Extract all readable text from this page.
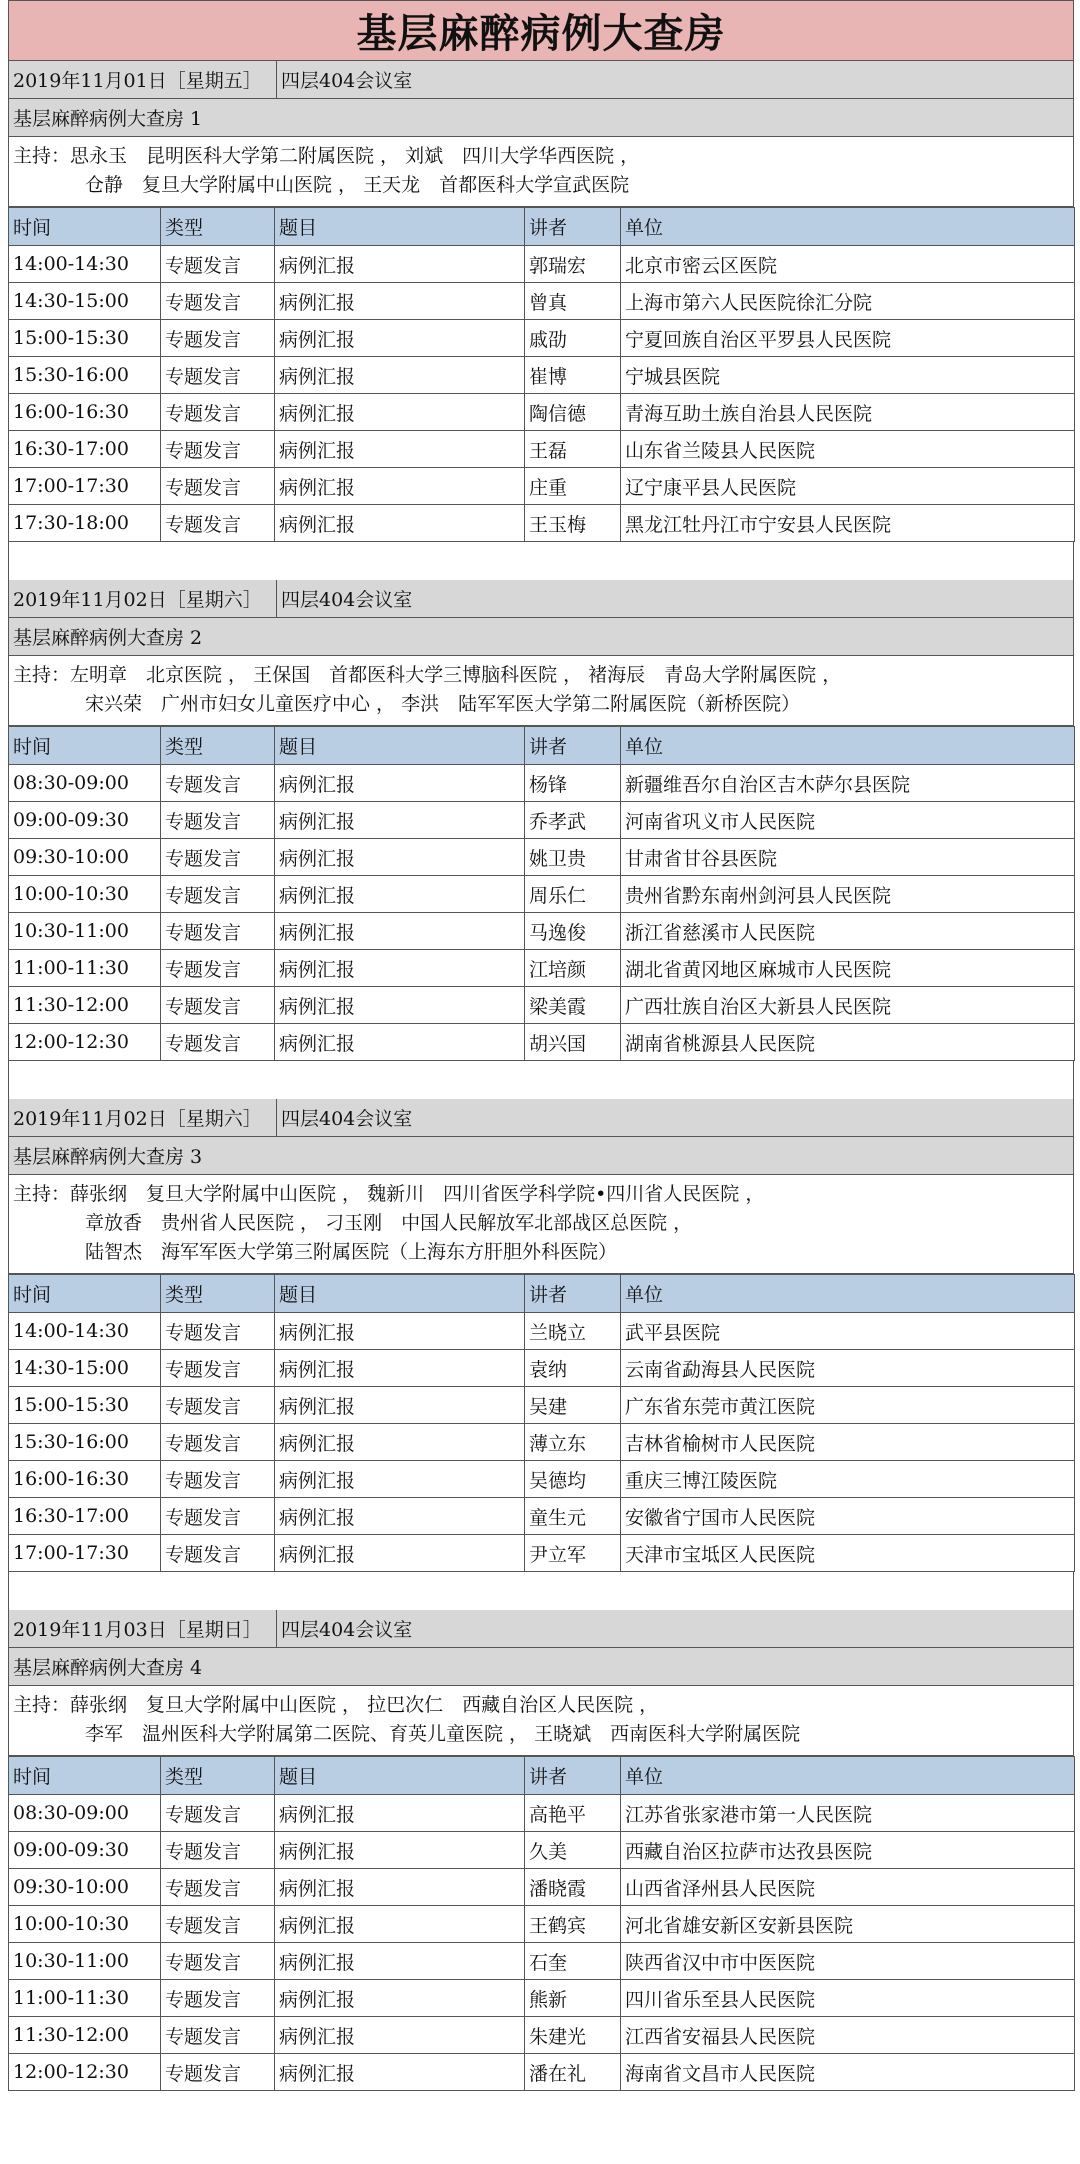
基层麻醉病例大查房
2019年11月01日［星期五］	四层404会议室
基层麻醉病例大查房 1
主持：思永玉　昆明医科大学第二附属医院 ， 刘斌　四川大学华西医院 ，
仓静　复旦大学附属中山医院 ， 王天龙　首都医科大学宣武医院
时间	类型	题目	讲者	单位
14:00-14:30	专题发言	病例汇报	郭瑞宏	北京市密云区医院
14:30-15:00	专题发言	病例汇报	曾真	上海市第六人民医院徐汇分院
15:00-15:30	专题发言	病例汇报	戚劭	宁夏回族自治区平罗县人民医院
15:30-16:00	专题发言	病例汇报	崔博	宁城县医院
16:00-16:30	专题发言	病例汇报	陶信德	青海互助土族自治县人民医院
16:30-17:00	专题发言	病例汇报	王磊	山东省兰陵县人民医院
17:00-17:30	专题发言	病例汇报	庄重	辽宁康平县人民医院
17:30-18:00	专题发言	病例汇报	王玉梅	黑龙江牡丹江市宁安县人民医院
2019年11月02日［星期六］	四层404会议室
基层麻醉病例大查房 2
主持：左明章　北京医院 ， 王保国　首都医科大学三博脑科医院 ， 褚海辰　青岛大学附属医院 ，
宋兴荣　广州市妇女儿童医疗中心 ， 李洪　陆军军医大学第二附属医院（新桥医院）
时间	类型	题目	讲者	单位
08:30-09:00	专题发言	病例汇报	杨锋	新疆维吾尔自治区吉木萨尔县医院
09:00-09:30	专题发言	病例汇报	乔孝武	河南省巩义市人民医院
09:30-10:00	专题发言	病例汇报	姚卫贵	甘肃省甘谷县医院
10:00-10:30	专题发言	病例汇报	周乐仁	贵州省黔东南州剑河县人民医院
10:30-11:00	专题发言	病例汇报	马逸俊	浙江省慈溪市人民医院
11:00-11:30	专题发言	病例汇报	江培颜	湖北省黄冈地区麻城市人民医院
11:30-12:00	专题发言	病例汇报	梁美霞	广西壮族自治区大新县人民医院
12:00-12:30	专题发言	病例汇报	胡兴国	湖南省桃源县人民医院
2019年11月02日［星期六］	四层404会议室
基层麻醉病例大查房 3
主持：薛张纲　复旦大学附属中山医院 ， 魏新川　四川省医学科学院•四川省人民医院 ，
章放香　贵州省人民医院 ， 刁玉刚　中国人民解放军北部战区总医院 ，
陆智杰　海军军医大学第三附属医院（上海东方肝胆外科医院）
时间	类型	题目	讲者	单位
14:00-14:30	专题发言	病例汇报	兰晓立	武平县医院
14:30-15:00	专题发言	病例汇报	袁纳	云南省勐海县人民医院
15:00-15:30	专题发言	病例汇报	吴建	广东省东莞市黄江医院
15:30-16:00	专题发言	病例汇报	薄立东	吉林省榆树市人民医院
16:00-16:30	专题发言	病例汇报	吴德均	重庆三博江陵医院
16:30-17:00	专题发言	病例汇报	童生元	安徽省宁国市人民医院
17:00-17:30	专题发言	病例汇报	尹立军	天津市宝坻区人民医院
2019年11月03日［星期日］	四层404会议室
基层麻醉病例大查房 4
主持：薛张纲　复旦大学附属中山医院 ， 拉巴次仁　西藏自治区人民医院 ，
李军　温州医科大学附属第二医院、育英儿童医院 ， 王晓斌　西南医科大学附属医院
时间	类型	题目	讲者	单位
08:30-09:00	专题发言	病例汇报	高艳平	江苏省张家港市第一人民医院
09:00-09:30	专题发言	病例汇报	久美	西藏自治区拉萨市达孜县医院
09:30-10:00	专题发言	病例汇报	潘晓霞	山西省泽州县人民医院
10:00-10:30	专题发言	病例汇报	王鹤宾	河北省雄安新区安新县医院
10:30-11:00	专题发言	病例汇报	石奎	陕西省汉中市中医医院
11:00-11:30	专题发言	病例汇报	熊新	四川省乐至县人民医院
11:30-12:00	专题发言	病例汇报	朱建光	江西省安福县人民医院
12:00-12:30	专题发言	病例汇报	潘在礼	海南省文昌市人民医院
